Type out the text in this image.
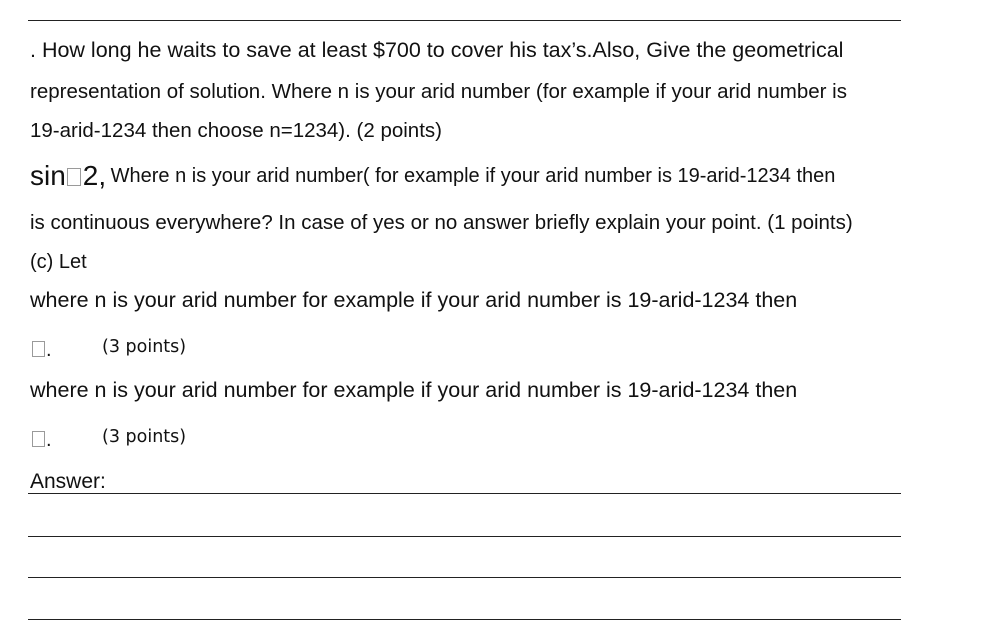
. How long he waits to save at least $700 to cover his tax’s.Also, Give the geometrical
representation of solution. Where n is your arid number (for example if your arid number is
19-arid-1234 then choose n=1234). (2 points)
sin 2, Where n is your arid number( for example if your arid number is 19-arid-1234 then
is continuous everywhere? In case of yes or no answer briefly explain your point. (1 points)
(c) Let
where n is your arid number for example if your arid number is 19-arid-1234 then
.	(3 points)
where n is your arid number for example if your arid number is 19-arid-1234 then
.	(3 points)
Answer:
